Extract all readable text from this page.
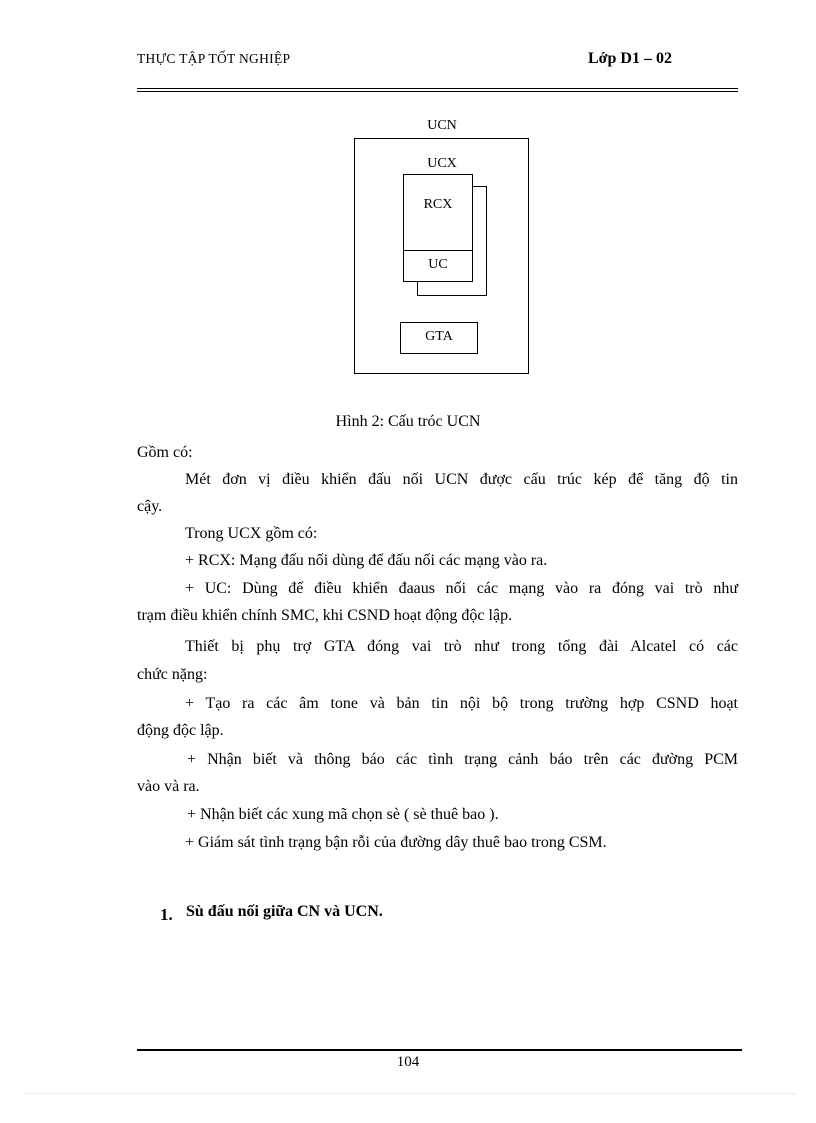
THỰC TẬP TỐT NGHIỆP	Lớp D1 – 02
UCN
UCX
RCX
UC
GTA
Hình 2: Cấu tróc UCN
Gồm có:
Mét đơn vị điều khiển đấu nối UCN được cấu trúc kép để tăng độ tin
cậy.
Trong UCX gồm có:
+ RCX: Mạng đấu nối dùng để đấu nối các mạng vào ra.
+ UC: Dùng để điều khiển đaaus nối các mạng vào ra đóng vai trò như
trạm điều khiển chính SMC, khi CSND hoạt động độc lập.
Thiết bị phụ trợ GTA đóng vai trò như trong tổng đài Alcatel có các
chức nặng:
+ Tạo ra các âm tone và bản tin nội bộ trong trường hợp CSND hoạt
động độc lập.
+ Nhận biết và thông báo các tình trạng cảnh báo trên các đường PCM
vào và ra.
+ Nhận biết các xung mã chọn sè ( sè thuê bao ).
+ Giám sát tình trạng bận rỗi của đường dây thuê bao trong CSM.
1. Sù đấu nối giữa CN và UCN.
104
